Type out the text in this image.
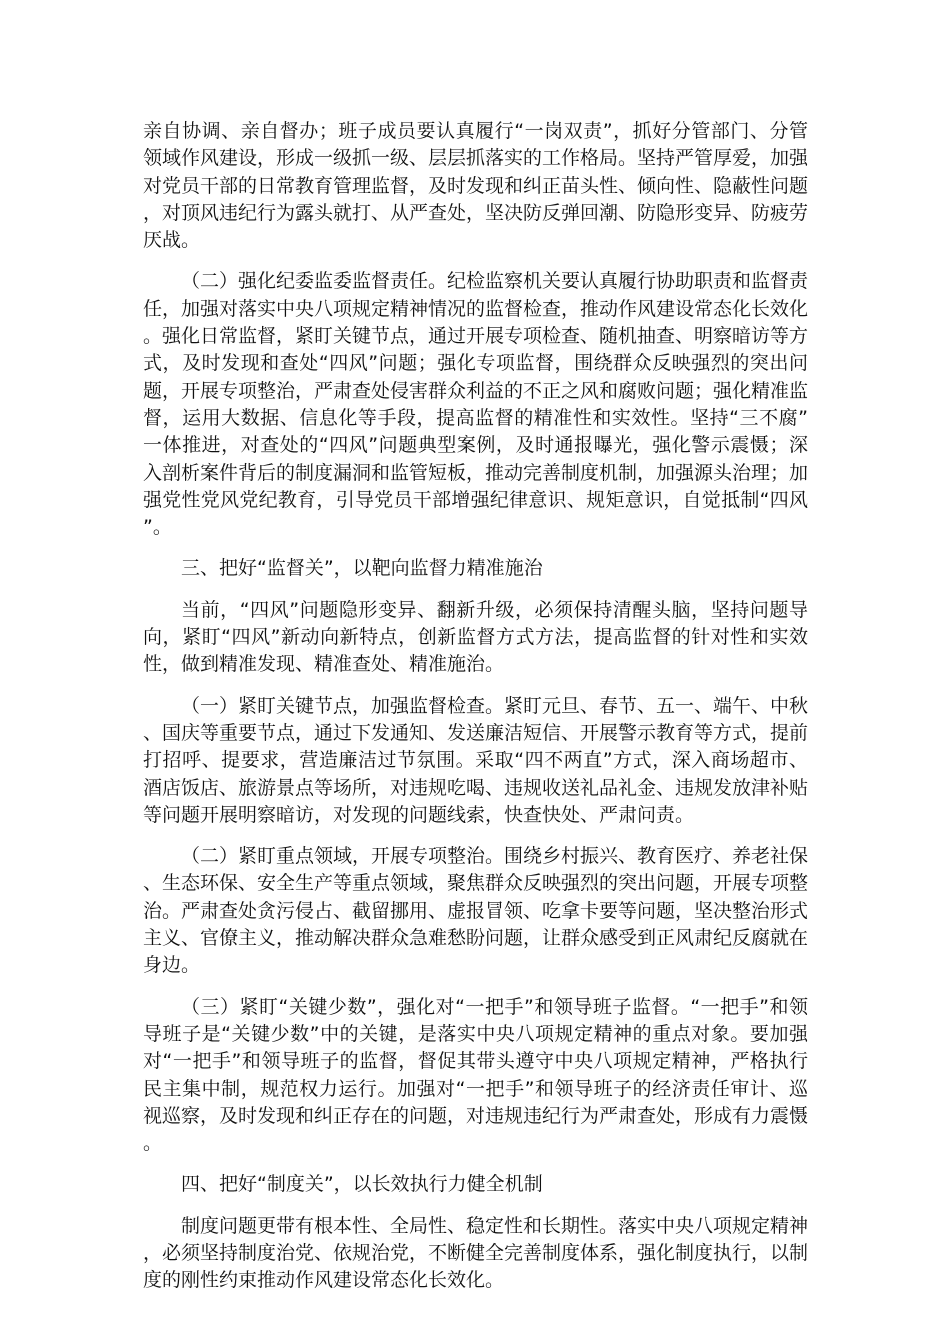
亲自协调、亲自督办；班子成员要认真履行“一岗双责”，抓好分管部门、分管领域作风建设，形成一级抓一级、层层抓落实的工作格局。坚持严管厚爱，加强对党员干部的日常教育管理监督，及时发现和纠正苗头性、倾向性、隐蔽性问题，对顶风违纪行为露头就打、从严查处，坚决防反弹回潮、防隐形变异、防疲劳厌战。

（二）强化纪委监委监督责任。纪检监察机关要认真履行协助职责和监督责任，加强对落实中央八项规定精神情况的监督检查，推动作风建设常态化长效化。强化日常监督，紧盯关键节点，通过开展专项检查、随机抽查、明察暗访等方式，及时发现和查处“四风”问题；强化专项监督，围绕群众反映强烈的突出问题，开展专项整治，严肃查处侵害群众利益的不正之风和腐败问题；强化精准监督，运用大数据、信息化等手段，提高监督的精准性和实效性。坚持“三不腐”一体推进，对查处的“四风”问题典型案例，及时通报曝光，强化警示震慑；深入剖析案件背后的制度漏洞和监管短板，推动完善制度机制，加强源头治理；加强党性党风党纪教育，引导党员干部增强纪律意识、规矩意识，自觉抵制“四风”。

三、把好“监督关”，以靶向监督力精准施治

当前，“四风”问题隐形变异、翻新升级，必须保持清醒头脑，坚持问题导向，紧盯“四风”新动向新特点，创新监督方式方法，提高监督的针对性和实效性，做到精准发现、精准查处、精准施治。

（一）紧盯关键节点，加强监督检查。紧盯元旦、春节、五一、端午、中秋、国庆等重要节点，通过下发通知、发送廉洁短信、开展警示教育等方式，提前打招呼、提要求，营造廉洁过节氛围。采取“四不两直”方式，深入商场超市、酒店饭店、旅游景点等场所，对违规吃喝、违规收送礼品礼金、违规发放津补贴等问题开展明察暗访，对发现的问题线索，快查快处、严肃问责。

（二）紧盯重点领域，开展专项整治。围绕乡村振兴、教育医疗、养老社保、生态环保、安全生产等重点领域，聚焦群众反映强烈的突出问题，开展专项整治。严肃查处贪污侵占、截留挪用、虚报冒领、吃拿卡要等问题，坚决整治形式主义、官僚主义，推动解决群众急难愁盼问题，让群众感受到正风肃纪反腐就在身边。

（三）紧盯“关键少数”，强化对“一把手”和领导班子监督。“一把手”和领导班子是“关键少数”中的关键，是落实中央八项规定精神的重点对象。要加强对“一把手”和领导班子的监督，督促其带头遵守中央八项规定精神，严格执行民主集中制，规范权力运行。加强对“一把手”和领导班子的经济责任审计、巡视巡察，及时发现和纠正存在的问题，对违规违纪行为严肃查处，形成有力震慑。

四、把好“制度关”，以长效执行力健全机制

制度问题更带有根本性、全局性、稳定性和长期性。落实中央八项规定精神，必须坚持制度治党、依规治党，不断健全完善制度体系，强化制度执行，以制度的刚性约束推动作风建设常态化长效化。
